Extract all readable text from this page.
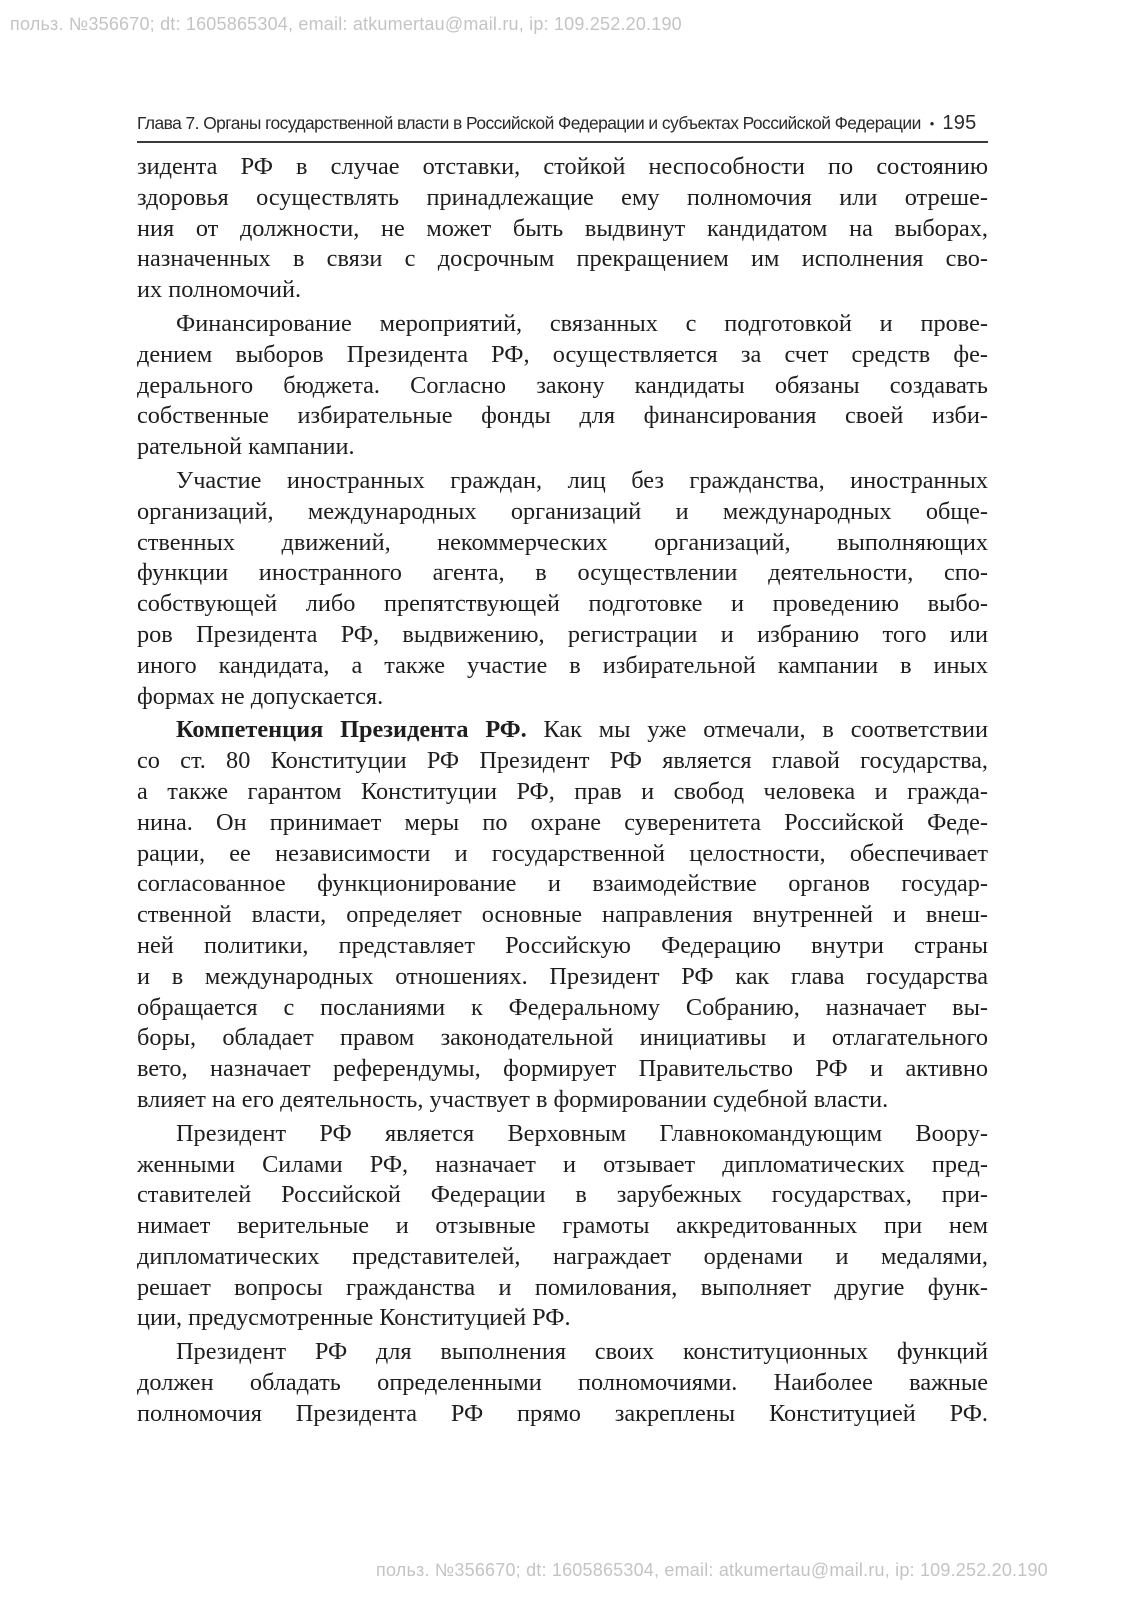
польз. №356670; dt: 1605865304, email: atkumertau@mail.ru, ip: 109.252.20.190
Глава 7. Органы государственной власти в Российской Федерации и субъектах Российской Федерации • 195
зидента РФ в случае отставки, стойкой неспособности по состоянию
здоровья осуществлять принадлежащие ему полномочия или отреше-
ния от должности, не может быть выдвинут кандидатом на выборах,
назначенных в связи с досрочным прекращением им исполнения сво-
их полномочий.
Финансирование мероприятий, связанных с подготовкой и прове-
дением выборов Президента РФ, осуществляется за счет средств фе-
дерального бюджета. Согласно закону кандидаты обязаны создавать
собственные избирательные фонды для финансирования своей изби-
рательной кампании.
Участие иностранных граждан, лиц без гражданства, иностранных
организаций, международных организаций и международных обще-
ственных движений, некоммерческих организаций, выполняющих
функции иностранного агента, в осуществлении деятельности, спо-
собствующей либо препятствующей подготовке и проведению выбо-
ров Президента РФ, выдвижению, регистрации и избранию того или
иного кандидата, а также участие в избирательной кампании в иных
формах не допускается.
Компетенция Президента РФ. Как мы уже отмечали, в соответствии
со ст. 80 Конституции РФ Президент РФ является главой государства,
а также гарантом Конституции РФ, прав и свобод человека и гражда-
нина. Он принимает меры по охране суверенитета Российской Феде-
рации, ее независимости и государственной целостности, обеспечивает
согласованное функционирование и взаимодействие органов государ-
ственной власти, определяет основные направления внутренней и внеш-
ней политики, представляет Российскую Федерацию внутри страны
и в международных отношениях. Президент РФ как глава государства
обращается с посланиями к Федеральному Собранию, назначает вы-
боры, обладает правом законодательной инициативы и отлагательного
вето, назначает референдумы, формирует Правительство РФ и активно
влияет на его деятельность, участвует в формировании судебной власти.
Президент РФ является Верховным Главнокомандующим Воору-
женными Силами РФ, назначает и отзывает дипломатических пред-
ставителей Российской Федерации в зарубежных государствах, при-
нимает верительные и отзывные грамоты аккредитованных при нем
дипломатических представителей, награждает орденами и медалями,
решает вопросы гражданства и помилования, выполняет другие функ-
ции, предусмотренные Конституцией РФ.
Президент РФ для выполнения своих конституционных функций
должен обладать определенными полномочиями. Наиболее важные
полномочия Президента РФ прямо закреплены Конституцией РФ.
польз. №356670; dt: 1605865304, email: atkumertau@mail.ru, ip: 109.252.20.190
